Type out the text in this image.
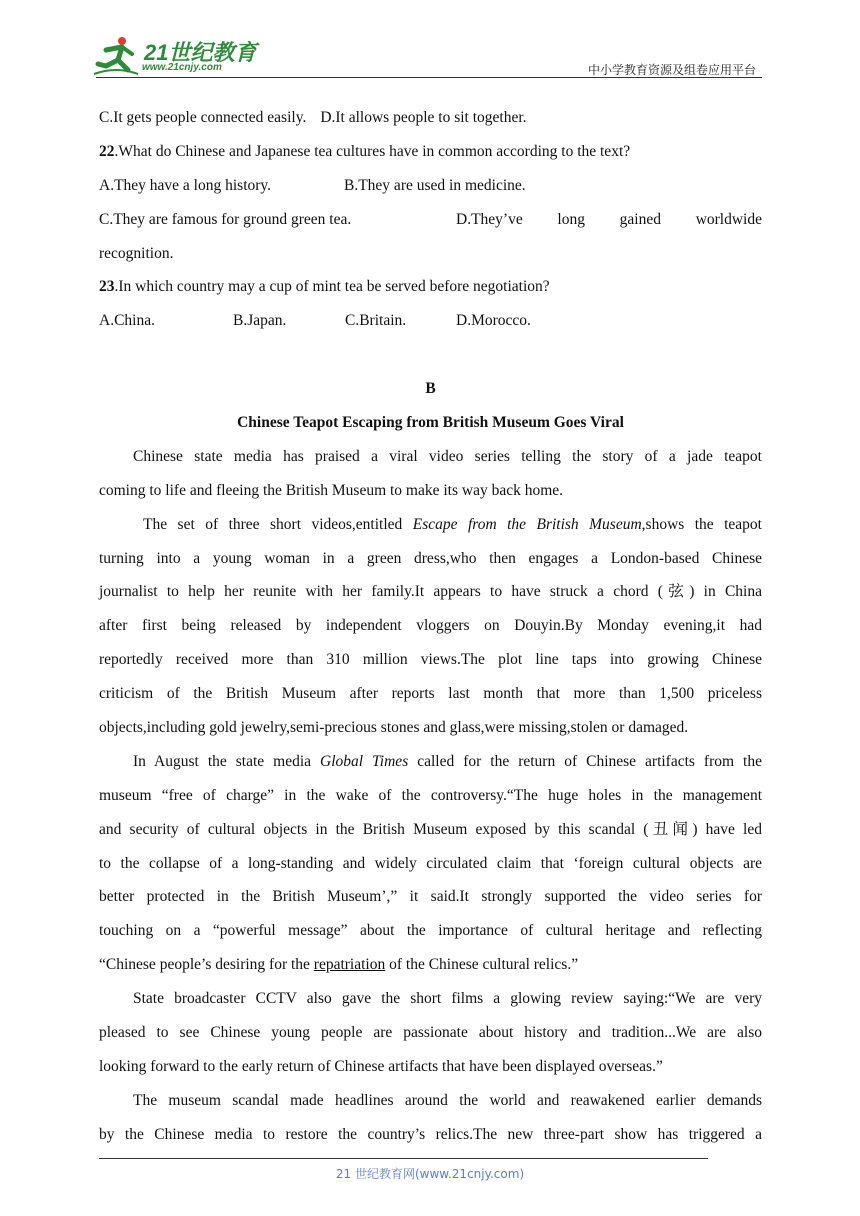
21世纪教育
www.21cnjy.com	中小学教育资源及组卷应用平台
C.It gets people connected easily. D.It allows people to sit together.
22.What do Chinese and Japanese tea cultures have in common according to the text?
A.They have a long history.	B.They are used in medicine.
C.They are famous for ground green tea.	D.They’ve long gained worldwide
recognition.
23.In which country may a cup of mint tea be served before negotiation?
A.China.	B.Japan.	C.Britain.	D.Morocco.
B
Chinese Teapot Escaping from British Museum Goes Viral
Chinese state media has praised a viral video series telling the story of a jade teapot
coming to life and fleeing the British Museum to make its way back home.
The set of three short videos,entitled Escape from the British Museum,shows the teapot
turning into a young woman in a green dress,who then engages a London-based Chinese
journalist to help her reunite with her family.It appears to have struck a chord (弦) in China
after first being released by independent vloggers on Douyin.By Monday evening,it had
reportedly received more than 310 million views.The plot line taps into growing Chinese
criticism of the British Museum after reports last month that more than 1,500 priceless
objects,including gold jewelry,semi-precious stones and glass,were missing,stolen or damaged.
In August the state media Global Times called for the return of Chinese artifacts from the
museum “free of charge” in the wake of the controversy.“The huge holes in the management
and security of cultural objects in the British Museum exposed by this scandal (丑闻) have led
to the collapse of a long-standing and widely circulated claim that ‘foreign cultural objects are
better protected in the British Museum’,” it said.It strongly supported the video series for
touching on a “powerful message” about the importance of cultural heritage and reflecting
“Chinese people’s desiring for the repatriation of the Chinese cultural relics.”
State broadcaster CCTV also gave the short films a glowing review saying:“We are very
pleased to see Chinese young people are passionate about history and tradition...We are also
looking forward to the early return of Chinese artifacts that have been displayed overseas.”
The museum scandal made headlines around the world and reawakened earlier demands
by the Chinese media to restore the country’s relics.The new three-part show has triggered a
21 世纪教育网(www.21cnjy.com)
